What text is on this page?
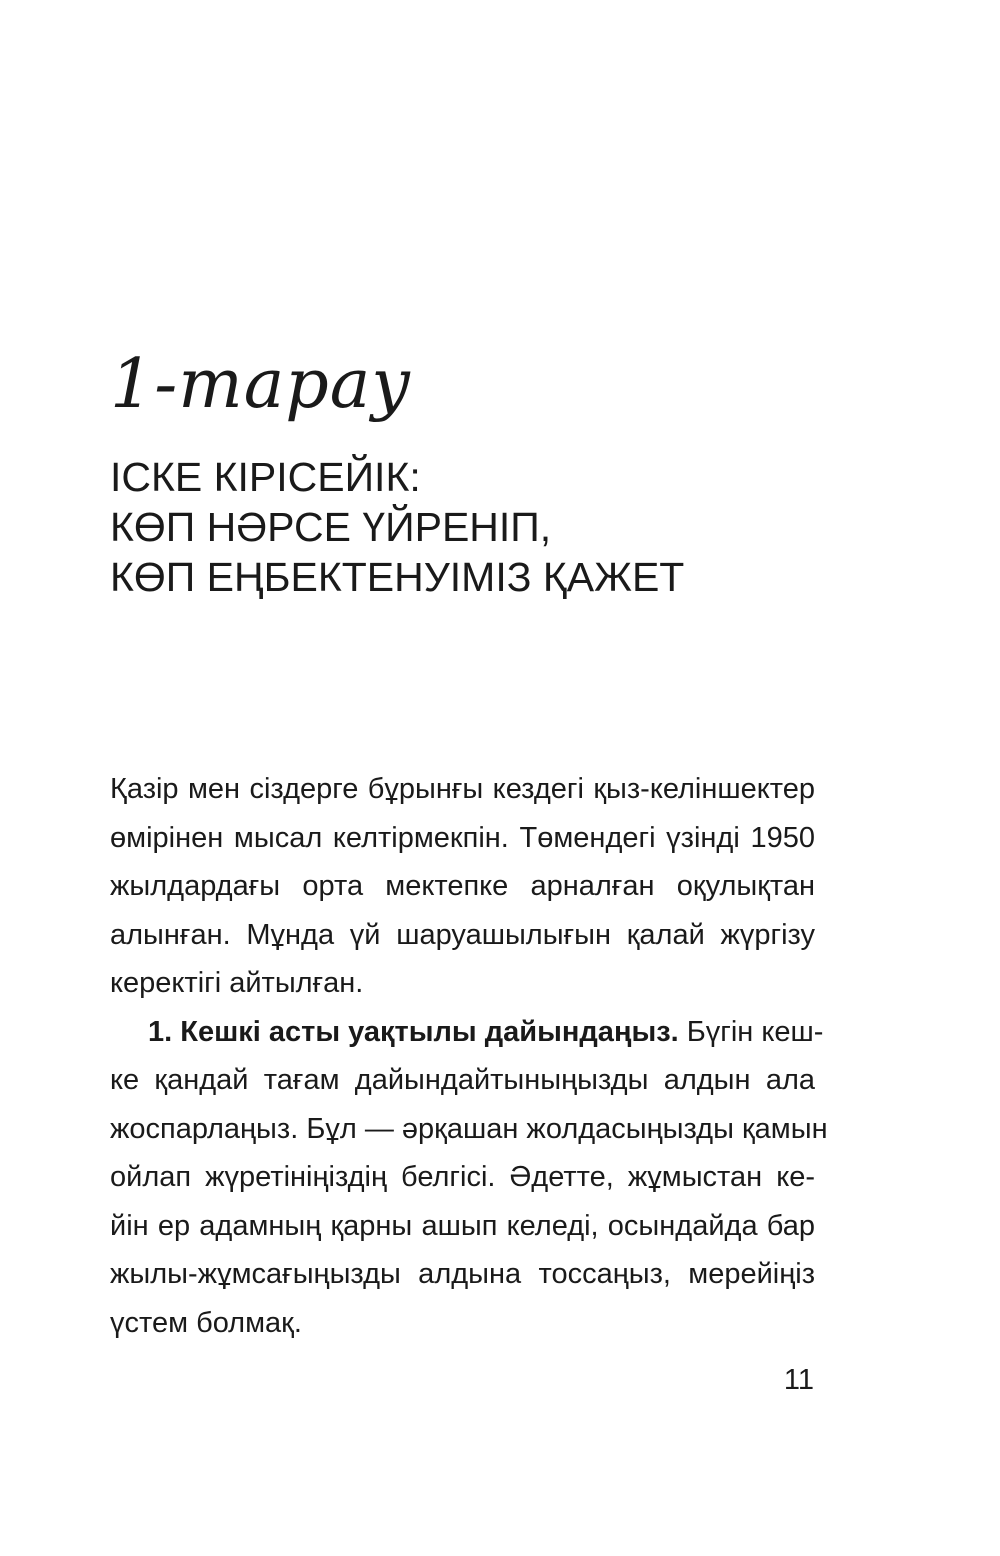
1-тарау
ІСКЕ КІРІСЕЙІК:
КӨП НӘРСЕ ҮЙРЕНІП,
КӨП ЕҢБЕКТЕНУІМІЗ ҚАЖЕТ
Қазір мен сіздерге бұрынғы кездегі қыз-келіншектер
өмірінен мысал келтірмекпін. Төмендегі үзінді 1950
жылдардағы орта мектепке арналған оқулықтан
алынған. Мұнда үй шаруашылығын қалай жүргізу
керектігі айтылған.
1. Кешкі асты уақтылы дайындаңыз. Бүгін кеш-
ке қандай тағам дайындайтыныңызды алдын ала
жоспарлаңыз. Бұл — әрқашан жолдасыңызды қамын
ойлап жүретініңіздің белгісі. Әдетте, жұмыстан ке-
йін ер адамның қарны ашып келеді, осындайда бар
жылы-жұмсағыңызды алдына тоссаңыз, мерейіңіз
үстем болмақ.
11
